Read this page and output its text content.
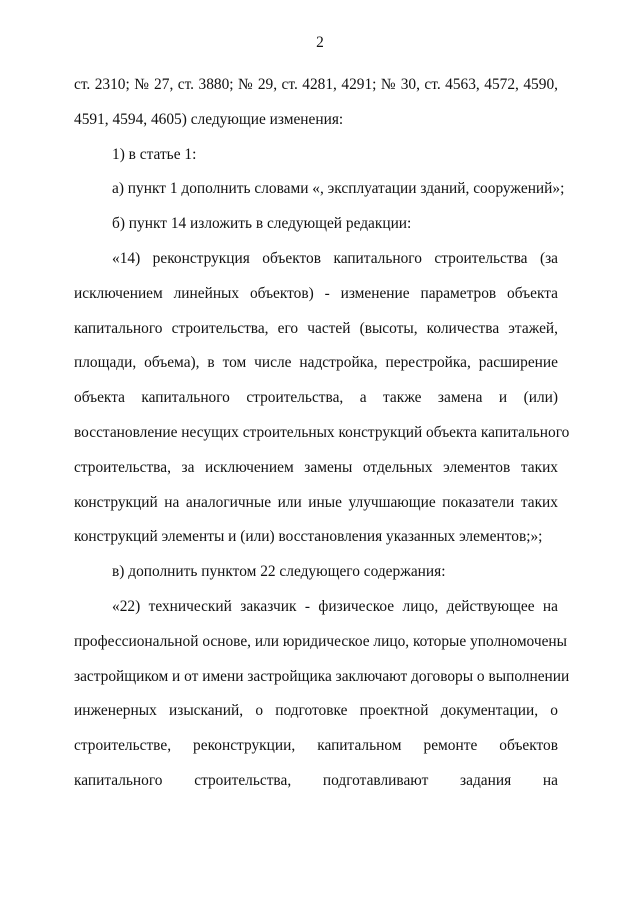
2
ст. 2310; № 27, ст. 3880; № 29, ст. 4281, 4291; № 30, ст. 4563, 4572, 4590,
4591, 4594, 4605) следующие изменения:
1) в статье 1:
а) пункт 1 дополнить словами «, эксплуатации зданий, сооружений»;
б) пункт 14 изложить в следующей редакции:
«14) реконструкция объектов капитального строительства (за
исключением линейных объектов) - изменение параметров объекта
капитального строительства, его частей (высоты, количества этажей,
площади, объема), в том числе надстройка, перестройка, расширение
объекта капитального строительства, а также замена и (или)
восстановление несущих строительных конструкций объекта капитального
строительства, за исключением замены отдельных элементов таких
конструкций на аналогичные или иные улучшающие показатели таких
конструкций элементы и (или) восстановления указанных элементов;»;
в) дополнить пунктом 22 следующего содержания:
«22) технический заказчик - физическое лицо, действующее на
профессиональной основе, или юридическое лицо, которые уполномочены
застройщиком и от имени застройщика заключают договоры о выполнении
инженерных изысканий, о подготовке проектной документации, о
строительстве, реконструкции, капитальном ремонте объектов
капитального строительства, подготавливают задания на
